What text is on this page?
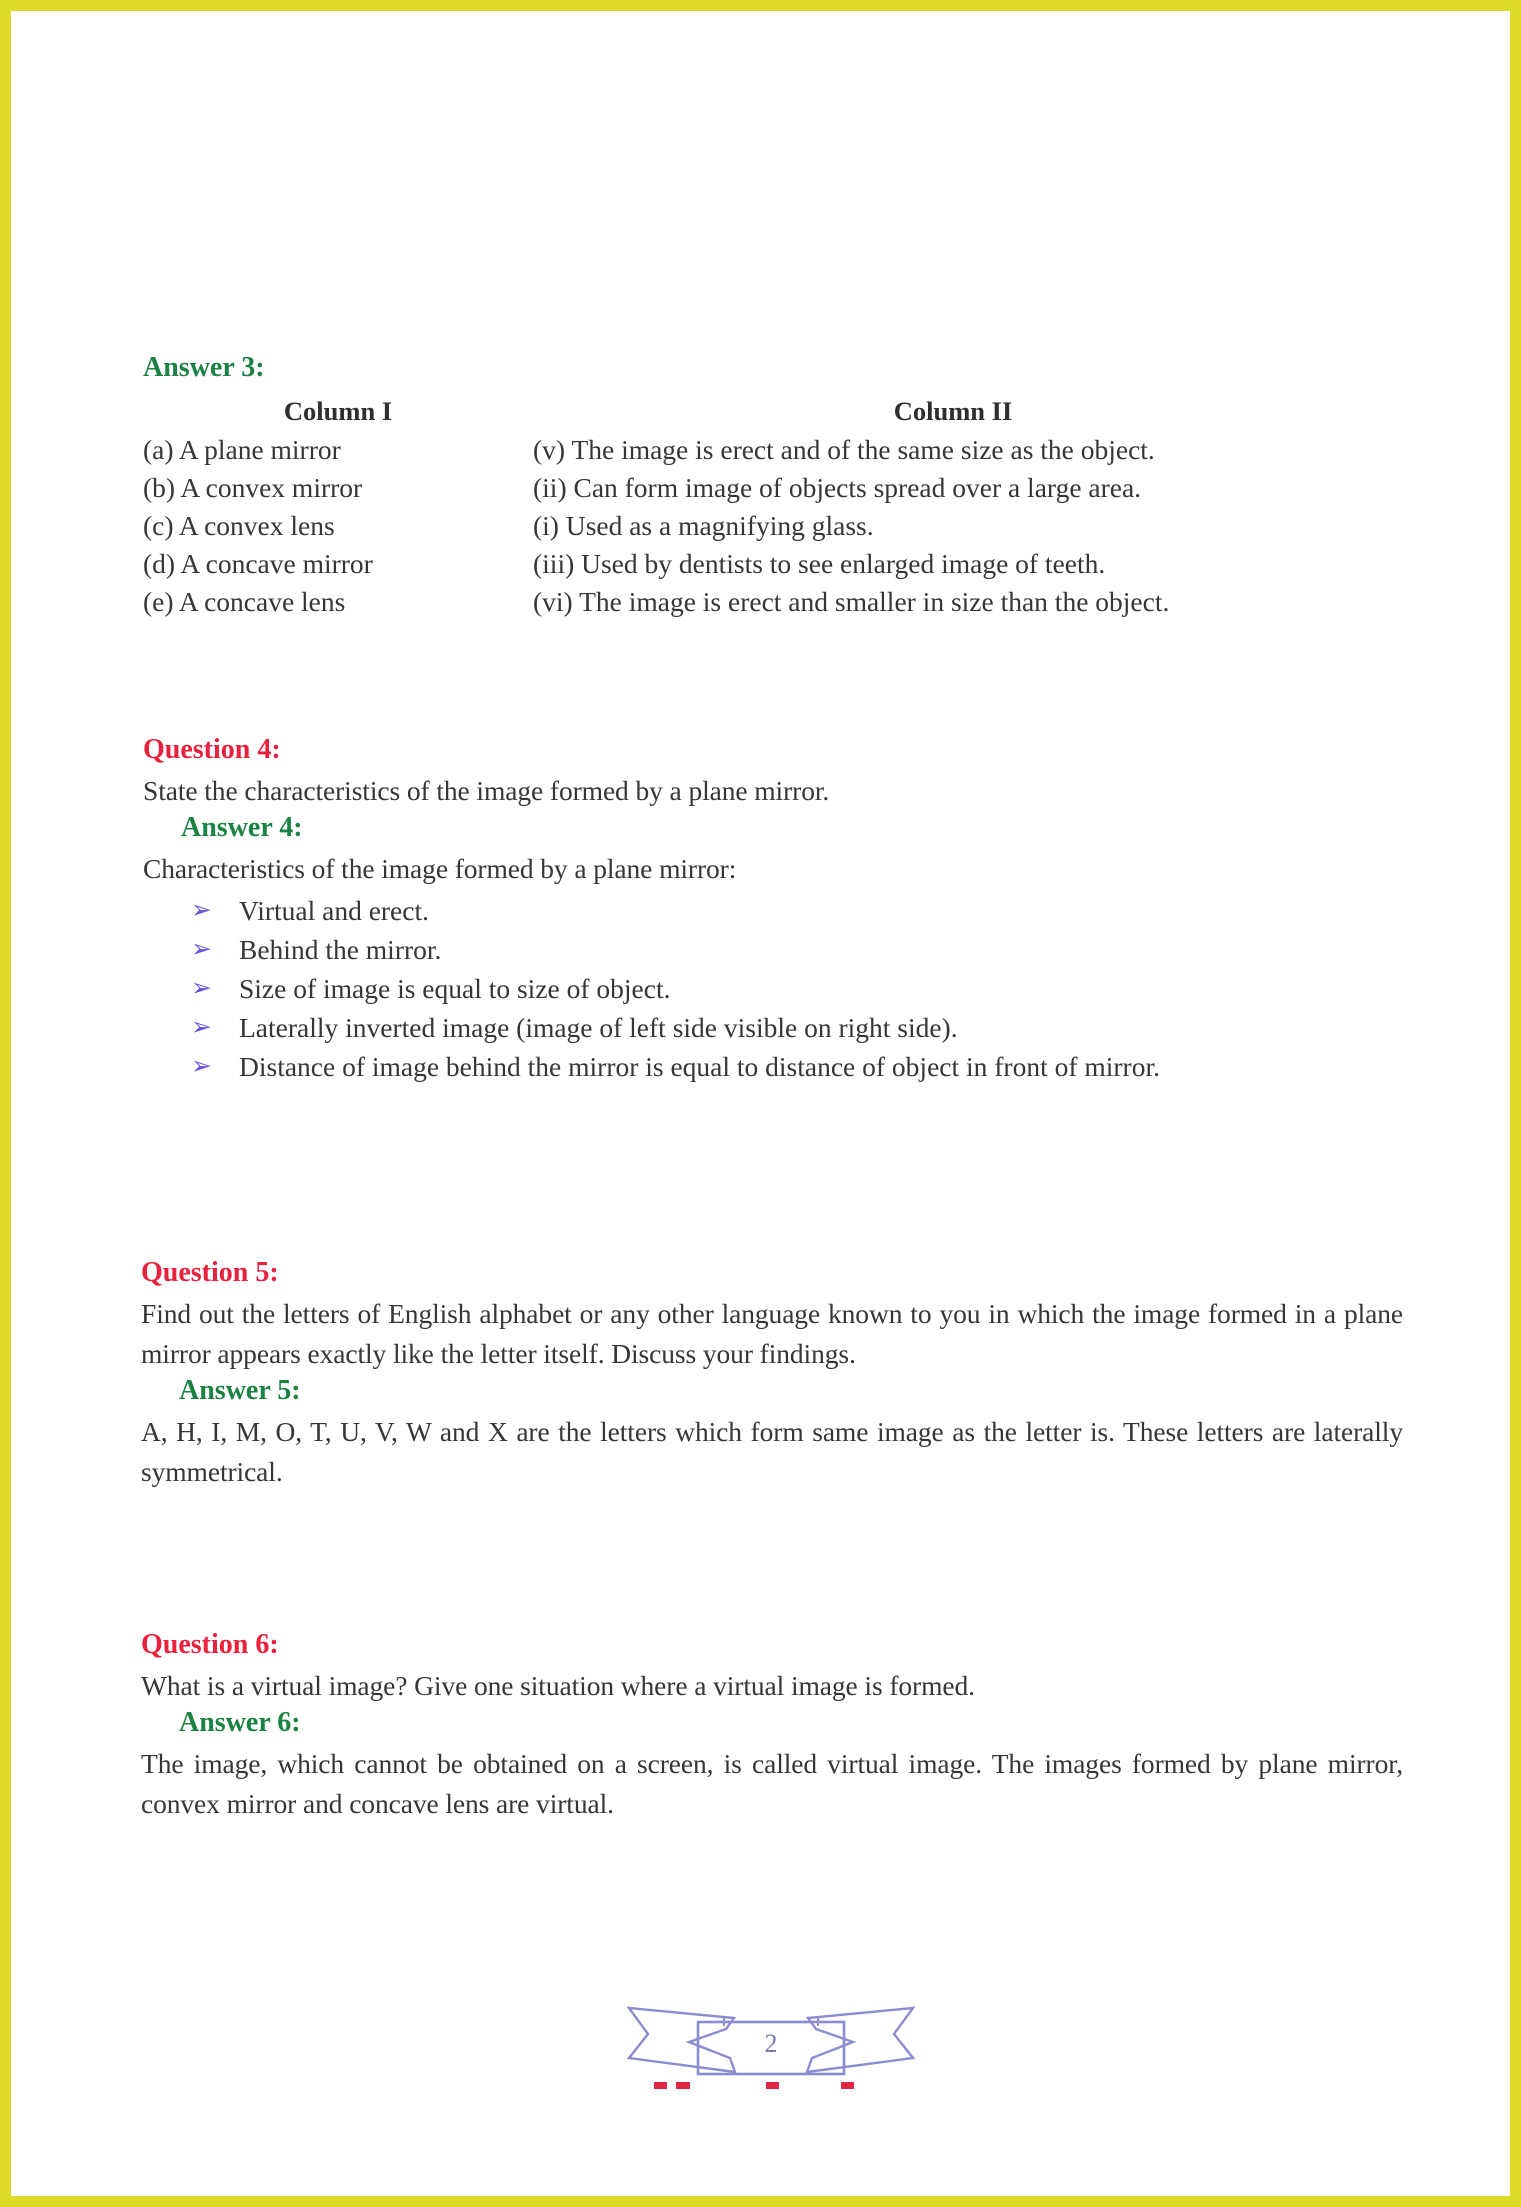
Answer 3:
Column I	Column II
(a) A plane mirror	(v) The image is erect and of the same size as the object.
(b) A convex mirror	(ii) Can form image of objects spread over a large area.
(c) A convex lens	(i) Used as a magnifying glass.
(d) A concave mirror	(iii) Used by dentists to see enlarged image of teeth.
(e) A concave lens	(vi) The image is erect and smaller in size than the object.
Question 4:
State the characteristics of the image formed by a plane mirror.
Answer 4:
Characteristics of the image formed by a plane mirror:
➢ Virtual and erect.
➢ Behind the mirror.
➢ Size of image is equal to size of object.
➢ Laterally inverted image (image of left side visible on right side).
➢ Distance of image behind the mirror is equal to distance of object in front of mirror.
Question 5:
Find out the letters of English alphabet or any other language known to you in which the image formed in a plane mirror appears exactly like the letter itself. Discuss your findings.
Answer 5:
A, H, I, M, O, T, U, V, W and X are the letters which form same image as the letter is. These letters are laterally symmetrical.
Question 6:
What is a virtual image? Give one situation where a virtual image is formed.
Answer 6:
The image, which cannot be obtained on a screen, is called virtual image. The images formed by plane mirror, convex mirror and concave lens are virtual.
2
